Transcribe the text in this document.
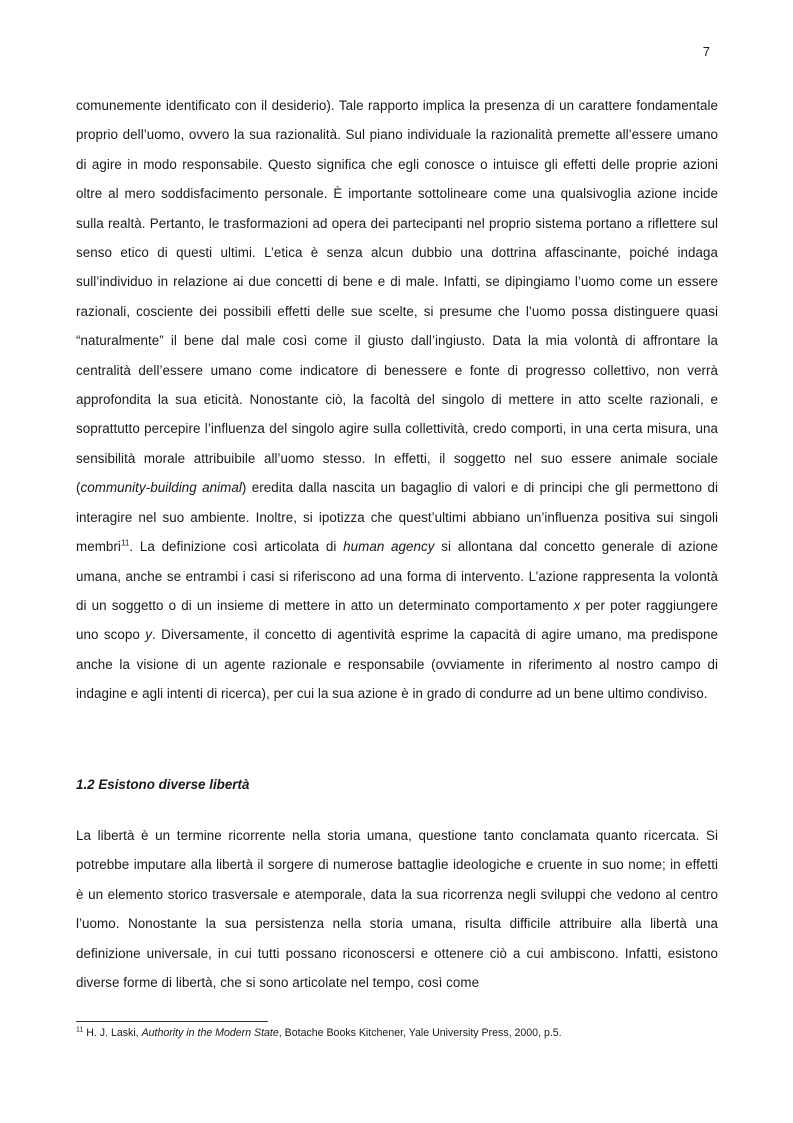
7
comunemente identificato con il desiderio). Tale rapporto implica la presenza di un carattere fondamentale proprio dell’uomo, ovvero la sua razionalità. Sul piano individuale la razionalità premette all’essere umano di agire in modo responsabile. Questo significa che egli conosce o intuisce gli effetti delle proprie azioni oltre al mero soddisfacimento personale. È importante sottolineare come una qualsivoglia azione incide sulla realtà. Pertanto, le trasformazioni ad opera dei partecipanti nel proprio sistema portano a riflettere sul senso etico di questi ultimi. L’etica è senza alcun dubbio una dottrina affascinante, poiché indaga sull’individuo in relazione ai due concetti di bene e di male. Infatti, se dipingiamo l’uomo come un essere razionali, cosciente dei possibili effetti delle sue scelte, si presume che l’uomo possa distinguere quasi “naturalmente” il bene dal male così come il giusto dall’ingiusto. Data la mia volontà di affrontare la centralità dell’essere umano come indicatore di benessere e fonte di progresso collettivo, non verrà approfondita la sua eticità. Nonostante ciò, la facoltà del singolo di mettere in atto scelte razionali, e soprattutto percepire l’influenza del singolo agire sulla collettività, credo comporti, in una certa misura, una sensibilità morale attribuibile all’uomo stesso. In effetti, il soggetto nel suo essere animale sociale (community-building animal) eredita dalla nascita un bagaglio di valori e di principi che gli permettono di interagire nel suo ambiente. Inoltre, si ipotizza che quest’ultimi abbiano un’influenza positiva sui singoli membri$^{11}$. La definizione così articolata di human agency si allontana dal concetto generale di azione umana, anche se entrambi i casi si riferiscono ad una forma di intervento. L’azione rappresenta la volontà di un soggetto o di un insieme di mettere in atto un determinato comportamento x per poter raggiungere uno scopo y. Diversamente, il concetto di agentività esprime la capacità di agire umano, ma predispone anche la visione di un agente razionale e responsabile (ovviamente in riferimento al nostro campo di indagine e agli intenti di ricerca), per cui la sua azione è in grado di condurre ad un bene ultimo condiviso.
1.2 Esistono diverse libertà
La libertà è un termine ricorrente nella storia umana, questione tanto conclamata quanto ricercata. Si potrebbe imputare alla libertà il sorgere di numerose battaglie ideologiche e cruente in suo nome; in effetti è un elemento storico trasversale e atemporale, data la sua ricorrenza negli sviluppi che vedono al centro l’uomo. Nonostante la sua persistenza nella storia umana, risulta difficile attribuire alla libertà una definizione universale, in cui tutti possano riconoscersi e ottenere ciò a cui ambiscono. Infatti, esistono diverse forme di libertà, che si sono articolate nel tempo, così come
$^{11}$ H. J. Laski, Authority in the Modern State, Botache Books Kitchener, Yale University Press, 2000, p.5.
